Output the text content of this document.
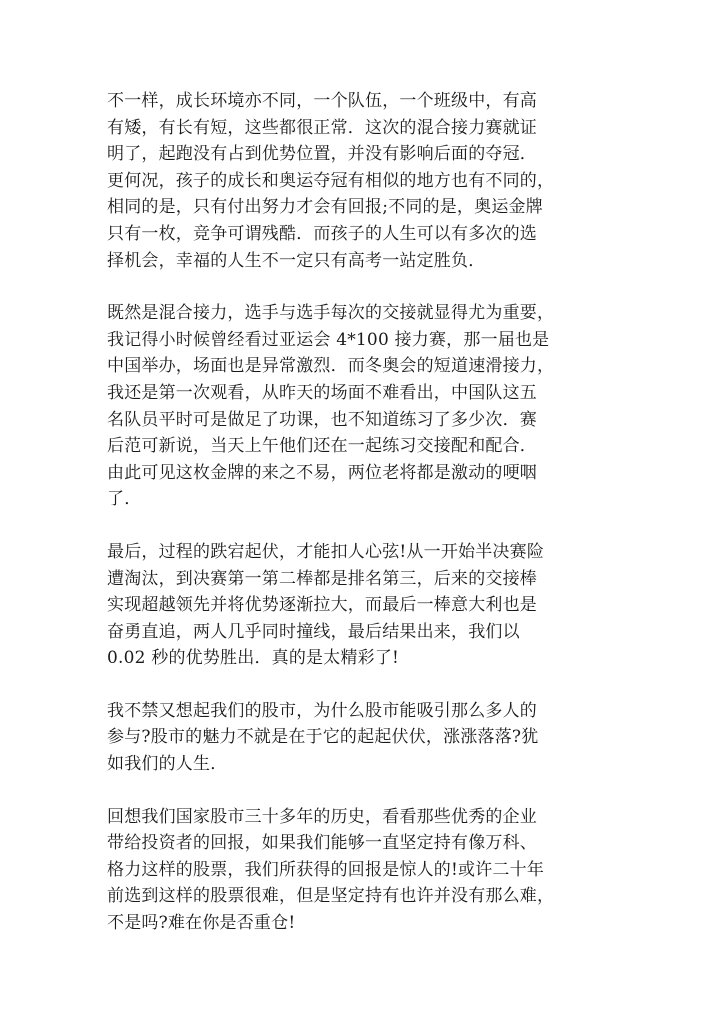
不一样，成长环境亦不同，一个队伍，一个班级中，有高
有矮，有长有短，这些都很正常．这次的混合接力赛就证
明了，起跑没有占到优势位置，并没有影响后面的夺冠．
更何况，孩子的成长和奥运夺冠有相似的地方也有不同的，
相同的是，只有付出努力才会有回报;不同的是，奥运金牌
只有一枚，竞争可谓残酷．而孩子的人生可以有多次的选
择机会，幸福的人生不一定只有高考一站定胜负．
既然是混合接力，选手与选手每次的交接就显得尤为重要，
我记得小时候曾经看过亚运会 4*100 接力赛，那一届也是
中国举办，场面也是异常激烈．而冬奥会的短道速滑接力，
我还是第一次观看，从昨天的场面不难看出，中国队这五
名队员平时可是做足了功课，也不知道练习了多少次．赛
后范可新说，当天上午他们还在一起练习交接配和配合．
由此可见这枚金牌的来之不易，两位老将都是激动的哽咽
了．
最后，过程的跌宕起伏，才能扣人心弦!从一开始半决赛险
遭淘汰，到决赛第一第二棒都是排名第三，后来的交接棒
实现超越领先并将优势逐渐拉大，而最后一棒意大利也是
奋勇直追，两人几乎同时撞线，最后结果出来，我们以
0.02 秒的优势胜出．真的是太精彩了!
我不禁又想起我们的股市，为什么股市能吸引那么多人的
参与?股市的魅力不就是在于它的起起伏伏，涨涨落落?犹
如我们的人生．
回想我们国家股市三十多年的历史，看看那些优秀的企业
带给投资者的回报，如果我们能够一直坚定持有像万科、
格力这样的股票，我们所获得的回报是惊人的!或许二十年
前选到这样的股票很难，但是坚定持有也许并没有那么难，
不是吗?难在你是否重仓!
